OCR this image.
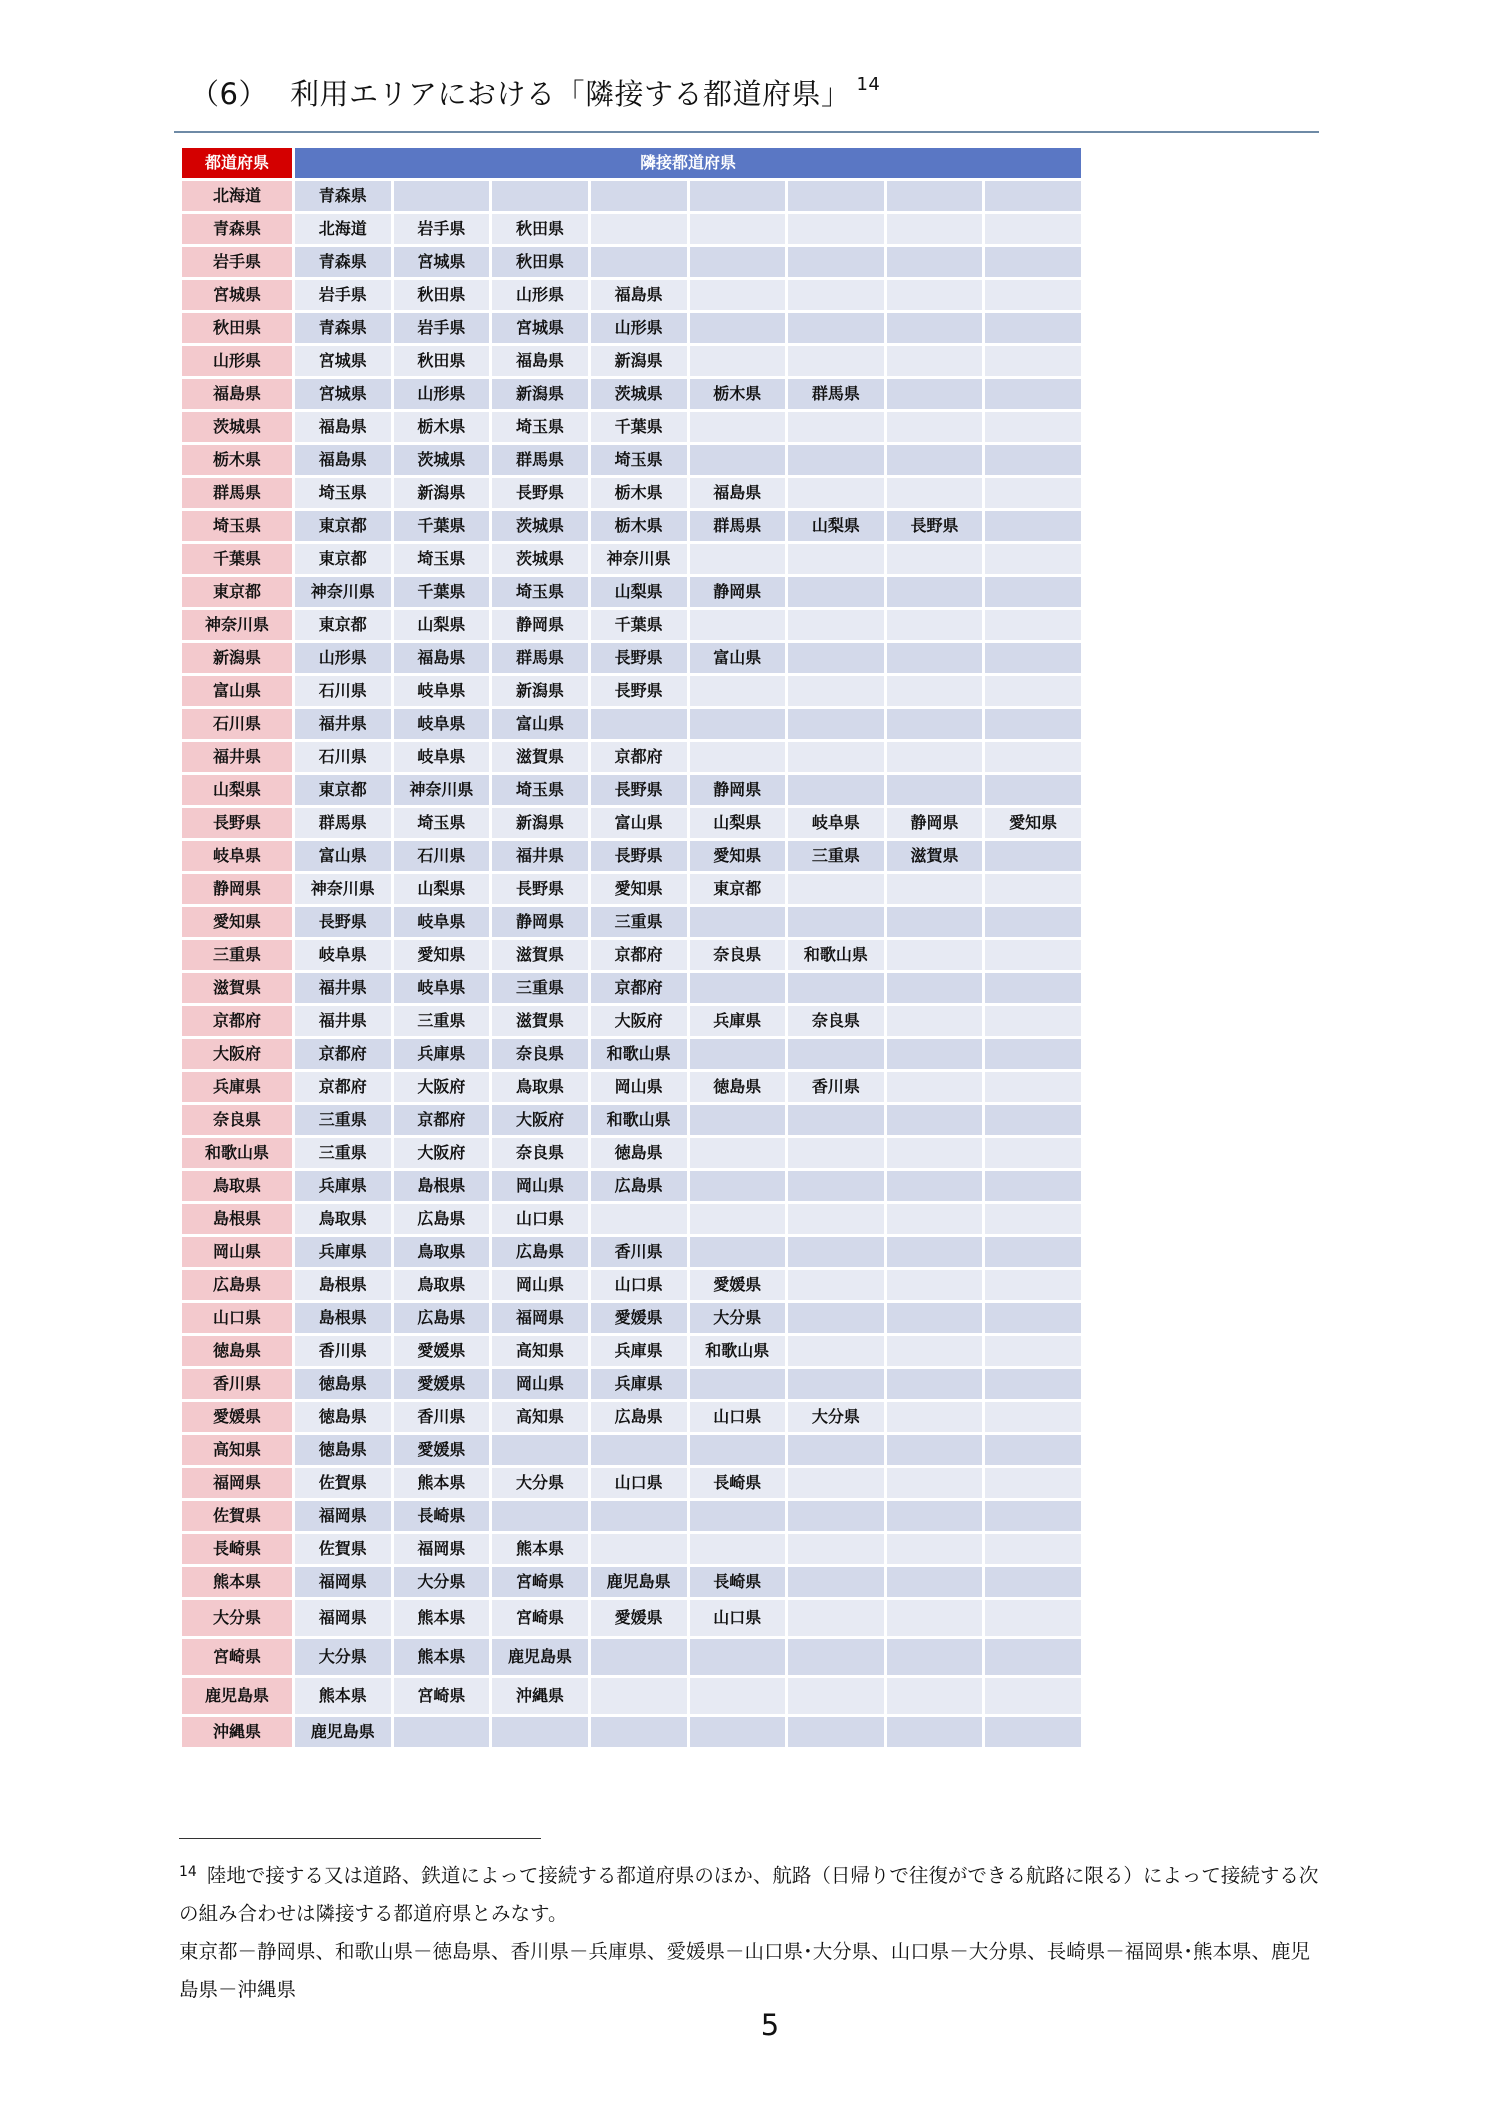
（6） 利用エリアにおける「隣接する都道府県」 $^{14}$
都道府県	隣接都道府県							
北海道	青森県							
青森県	北海道	岩手県	秋田県					
岩手県	青森県	宮城県	秋田県					
宮城県	岩手県	秋田県	山形県	福島県				
秋田県	青森県	岩手県	宮城県	山形県				
山形県	宮城県	秋田県	福島県	新潟県				
福島県	宮城県	山形県	新潟県	茨城県	栃木県	群馬県		
茨城県	福島県	栃木県	埼玉県	千葉県				
栃木県	福島県	茨城県	群馬県	埼玉県				
群馬県	埼玉県	新潟県	長野県	栃木県	福島県			
埼玉県	東京都	千葉県	茨城県	栃木県	群馬県	山梨県	長野県	
千葉県	東京都	埼玉県	茨城県	神奈川県				
東京都	神奈川県	千葉県	埼玉県	山梨県	静岡県			
神奈川県	東京都	山梨県	静岡県	千葉県				
新潟県	山形県	福島県	群馬県	長野県	富山県			
富山県	石川県	岐阜県	新潟県	長野県				
石川県	福井県	岐阜県	富山県					
福井県	石川県	岐阜県	滋賀県	京都府				
山梨県	東京都	神奈川県	埼玉県	長野県	静岡県			
長野県	群馬県	埼玉県	新潟県	富山県	山梨県	岐阜県	静岡県	愛知県
岐阜県	富山県	石川県	福井県	長野県	愛知県	三重県	滋賀県	
静岡県	神奈川県	山梨県	長野県	愛知県	東京都			
愛知県	長野県	岐阜県	静岡県	三重県				
三重県	岐阜県	愛知県	滋賀県	京都府	奈良県	和歌山県		
滋賀県	福井県	岐阜県	三重県	京都府				
京都府	福井県	三重県	滋賀県	大阪府	兵庫県	奈良県		
大阪府	京都府	兵庫県	奈良県	和歌山県				
兵庫県	京都府	大阪府	鳥取県	岡山県	徳島県	香川県		
奈良県	三重県	京都府	大阪府	和歌山県				
和歌山県	三重県	大阪府	奈良県	徳島県				
鳥取県	兵庫県	島根県	岡山県	広島県				
島根県	鳥取県	広島県	山口県					
岡山県	兵庫県	鳥取県	広島県	香川県				
広島県	島根県	鳥取県	岡山県	山口県	愛媛県			
山口県	島根県	広島県	福岡県	愛媛県	大分県			
徳島県	香川県	愛媛県	高知県	兵庫県	和歌山県			
香川県	徳島県	愛媛県	岡山県	兵庫県				
愛媛県	徳島県	香川県	高知県	広島県	山口県	大分県		
高知県	徳島県	愛媛県						
福岡県	佐賀県	熊本県	大分県	山口県	長崎県			
佐賀県	福岡県	長崎県						
長崎県	佐賀県	福岡県	熊本県					
熊本県	福岡県	大分県	宮崎県	鹿児島県	長崎県			
大分県	福岡県	熊本県	宮崎県	愛媛県	山口県			
宮崎県	大分県	熊本県	鹿児島県					
鹿児島県	熊本県	宮崎県	沖縄県					
沖縄県	鹿児島県							
$^{14}$ 陸地で接する又は道路、鉄道によって接続する都道府県のほか、航路（日帰りで往復ができる航路に限る）によって接続する次の組み合わせは隣接する都道府県とみなす。
東京都－静岡県、和歌山県－徳島県、香川県－兵庫県、愛媛県－山口県･大分県、山口県－大分県、長崎県－福岡県･熊本県、鹿児島県－沖縄県
5
